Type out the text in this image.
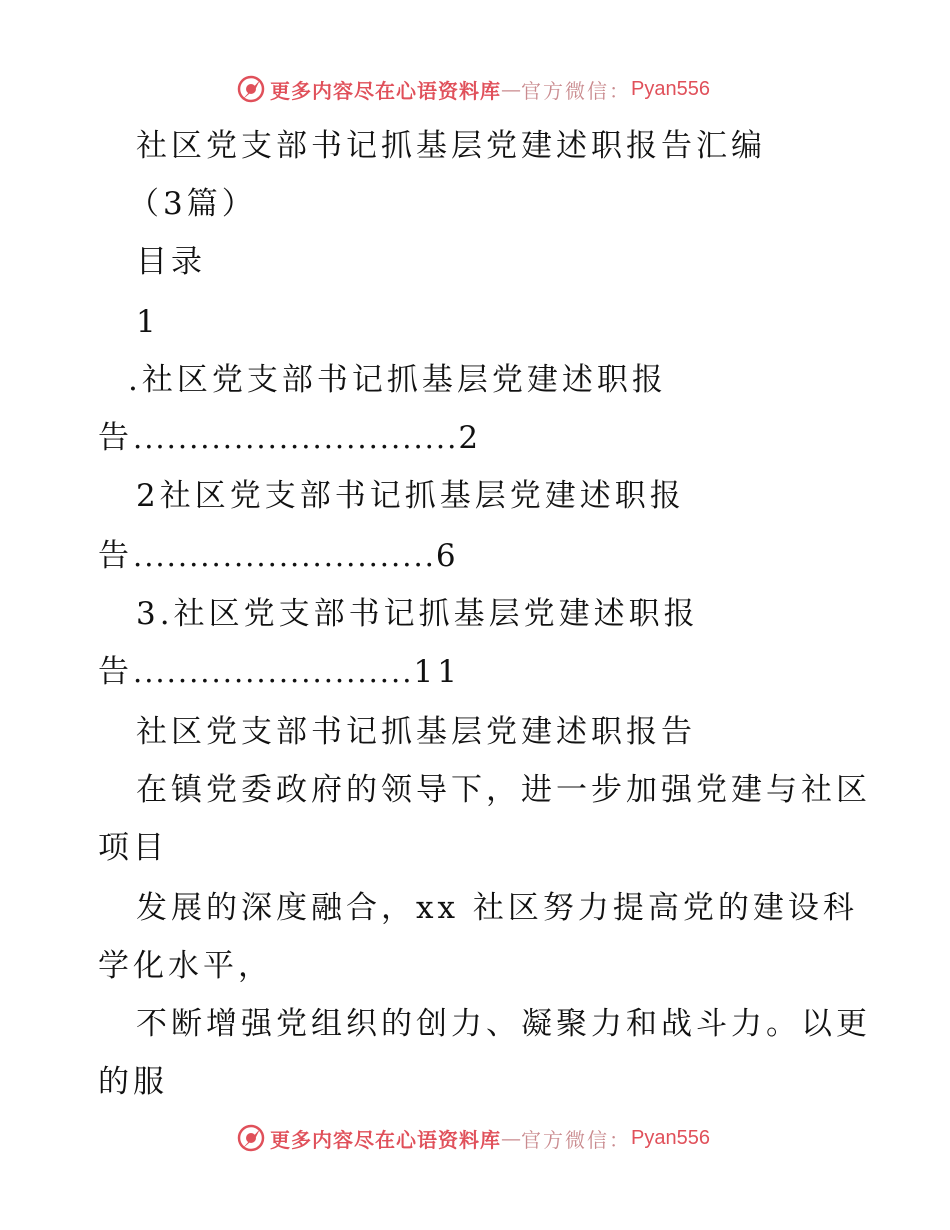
更多内容尽在心语资料库 — 官方微信： Pyan556
社区党支部书记抓基层党建述职报告汇编
（3篇）
目录
1
.社区党支部书记抓基层党建述职报
告.............................2
2社区党支部书记抓基层党建述职报
告...........................6
3.社区党支部书记抓基层党建述职报
告.........................11
社区党支部书记抓基层党建述职报告
在镇党委政府的领导下，进一步加强党建与社区
项目
发展的深度融合，xx 社区努力提高党的建设科
学化水平，
不断增强党组织的创力、凝聚力和战斗力。以更
的服
更多内容尽在心语资料库 — 官方微信： Pyan556
